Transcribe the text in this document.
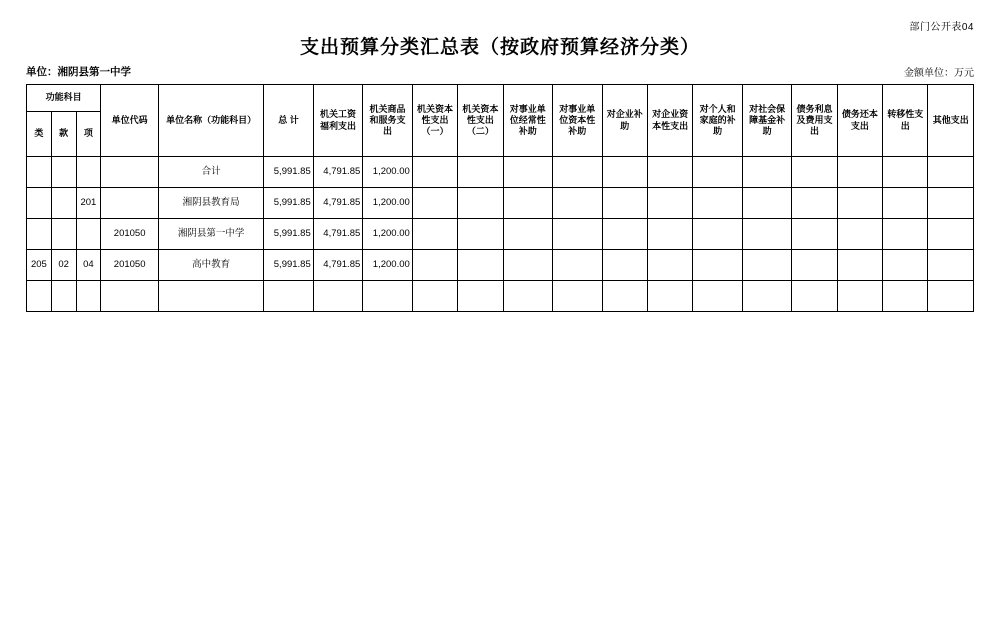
部门公开表04
支出预算分类汇总表（按政府预算经济分类）
单位：湘阴县第一中学	金额单位：万元
功能科目			单位代码	单位名称（功能科目）	总 计	机关工资福利支出	机关商品和服务支出	机关资本性支出（一）	机关资本性支出（二）	对事业单位经常性补助	对事业单位资本性补助	对企业补助	对企业资本性支出	对个人和家庭的补助	对社会保障基金补助	债务利息及费用支出	债务还本支出	转移性支出	其他支出
类	款	项																	
				合计	5,991.85	4,791.85	1,200.00												
		201		湘阴县教育局	5,991.85	4,791.85	1,200.00												
			201050	湘阴县第一中学	5,991.85	4,791.85	1,200.00												
205	02	04	201050	高中教育	5,991.85	4,791.85	1,200.00												
